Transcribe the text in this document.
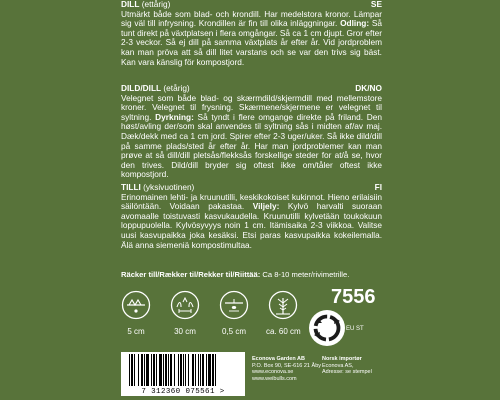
DILL (ettårig)	SE
Utmärkt både som blad- och krondill. Har medelstora kronor. Lämpar sig väl till infrysning. Krondillen är fin till olika inläggningar. Odling: Så tunt direkt på växtplatsen i flera omgångar. Så ca 1 cm djupt. Gror efter 2-3 veckor. Så ej dill på samma växtplats år efter år. Vid jordproblem kan man pröva att så dill litet varstans och se var den trivs sig bäst. Kan vara känslig för kompostjord.
DILD/DILL (etårig)	DK/NO
Velegnet som både blad- og skærmdild/skjermdill med mellemstore kroner. Velegnet til frysning. Skærmene/skjermene er velegnet til syltning. Dyrkning: Så tyndt i flere omgange direkte på friland. Den høst/avling der/som skal anvendes til syltning sås i midten af/av maj. Dæk/dekk med ca 1 cm jord. Spirer efter 2-3 uger/uker. Så ikke dild/dill på samme plads/sted år efter år. Har man jordproblemer kan man prøve at så dill/dill pletsås/flekksås forskellige steder for at/å se, hvor den trives. Dild/dill bryder sig oftest ikke om/tåler oftest ikke kompostjord.
TILLI (yksivuotinen)	FI
Erinomainen lehti- ja kruunutilli, keskikokoiset kukinnot. Hieno erilaisiin säilöntään. Voidaan pakastaa. Viljely: Kylvö harvalti suoraan avomaalle toistuvasti kasvukaudella. Kruunutilli kylvetään toukokuun loppupuolella. Kylvösyvyys noin 1 cm. Itämisaika 2-3 viikkoa. Valitse uusi kasvupaikka joka kesäksi. Etsi paras kasvupaikka kokeilemalla. Älä anna siemeniä kompostimultaa.
Räcker till/Rækker til/Rekker til/Riittää: Ca 8-10 meter/rivimetrille.
5 cm	30 cm	0,5 cm	ca. 60 cm
7556
EU ST
7 312360 075561 >
Econova Garden AB
P.O. Box 90, SE-616 21 Åby
www.econova.se
www.weibulls.com
Norsk importør
Econova AS,
Adresse: se stempel
